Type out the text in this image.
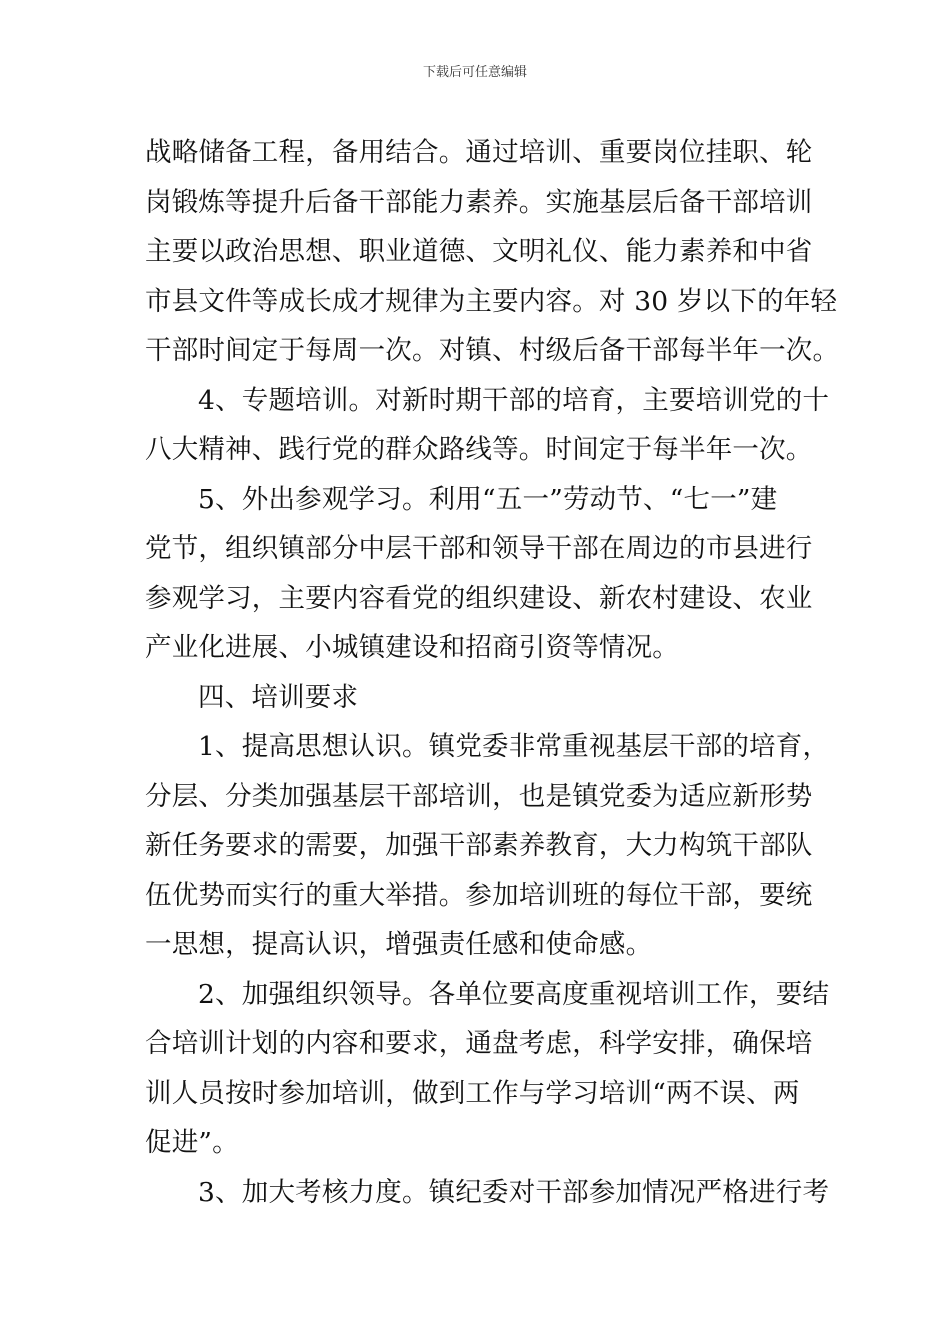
下载后可任意编辑
战略储备工程，备用结合。通过培训、重要岗位挂职、轮
岗锻炼等提升后备干部能力素养。实施基层后备干部培训
主要以政治思想、职业道德、文明礼仪、能力素养和中省
市县文件等成长成才规律为主要内容。对 30 岁以下的年轻
干部时间定于每周一次。对镇、村级后备干部每半年一次。
4、专题培训。对新时期干部的培育，主要培训党的十
八大精神、践行党的群众路线等。时间定于每半年一次。
5、外出参观学习。利用“五一”劳动节、“七一”建
党节，组织镇部分中层干部和领导干部在周边的市县进行
参观学习，主要内容看党的组织建设、新农村建设、农业
产业化进展、小城镇建设和招商引资等情况。
四、培训要求
1、提高思想认识。镇党委非常重视基层干部的培育，
分层、分类加强基层干部培训，也是镇党委为适应新形势
新任务要求的需要，加强干部素养教育，大力构筑干部队
伍优势而实行的重大举措。参加培训班的每位干部，要统
一思想，提高认识，增强责任感和使命感。
2、加强组织领导。各单位要高度重视培训工作，要结
合培训计划的内容和要求，通盘考虑，科学安排，确保培
训人员按时参加培训，做到工作与学习培训“两不误、两
促进”。
3、加大考核力度。镇纪委对干部参加情况严格进行考
